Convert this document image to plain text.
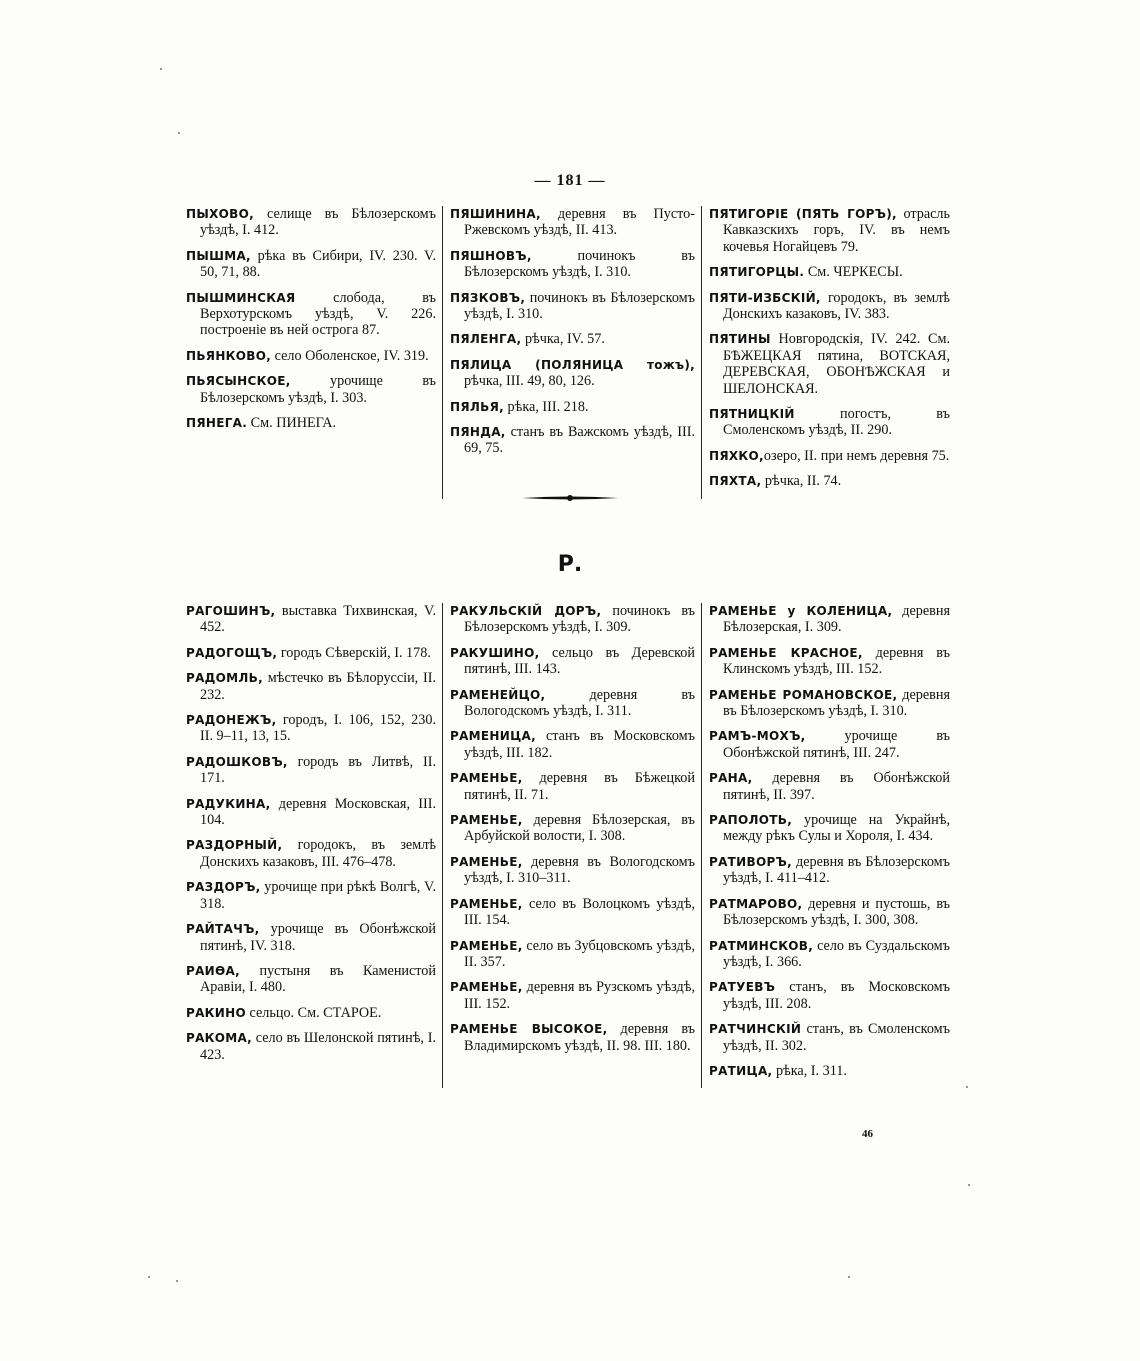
— 181 —
ПЫХОВО, селище въ Бѣлозерскомъ уѣздѣ, I. 412.
ПЫШМА, рѣка въ Сибири, IV. 230. V. 50, 71, 88.
ПЫШМИНСКАЯ слобода, въ Верхотурскомъ уѣздѣ, V. 226. построеніе въ ней острога 87.
ПЬЯНКОВО, село Оболенское, IV. 319.
ПЬЯСЫНСКОЕ, урочище въ Бѣлозерскомъ уѣздѣ, I. 303.
ПЯНЕГА. См. ПИНЕГА.
ПЯШИНИНА, деревня въ Пусто-Ржевскомъ уѣздѣ, II. 413.
ПЯШНОВЪ, починокъ въ Бѣлозерскомъ уѣздѣ, I. 310.
ПЯЗКОВЪ, починокъ въ Бѣлозерскомъ уѣздѣ, I. 310.
ПЯЛЕНГА, рѣчка, IV. 57.
ПЯЛИЦА (ПОЛЯНИЦА тожъ), рѣчка, III. 49, 80, 126.
ПЯЛЬЯ, рѣка, III. 218.
ПЯНДА, станъ въ Важскомъ уѣздѣ, III. 69, 75.
ПЯТИГОРІЕ (ПЯТЬ ГОРЪ), отрасль Кавказскихъ горъ, IV. въ немъ кочевья Ногайцевъ 79.
ПЯТИГОРЦЫ. См. ЧЕРКЕСЫ.
ПЯТИ-ИЗБСКІЙ, городокъ, въ землѣ Донскихъ казаковъ, IV. 383.
ПЯТИНЫ Новгородскія, IV. 242. См. БѢЖЕЦКАЯ пятина, ВОТСКАЯ, ДЕРЕВСКАЯ, ОБОНѢЖСКАЯ и ШЕЛОНСКАЯ.
ПЯТНИЦКІЙ погостъ, въ Смоленскомъ уѣздѣ, II. 290.
ПЯХКО,озеро, II. при немъ деревня 75.
ПЯХТА, рѣчка, II. 74.
Р.
РАГОШИНЪ, выставка Тихвинская, V. 452.
РАДОГОЩЪ, городъ Сѣверскій, I. 178.
РАДОМЛЬ, мѣстечко въ Бѣлоруссіи, II. 232.
РАДОНЕЖЪ, городъ, I. 106, 152, 230. II. 9–11, 13, 15.
РАДОШКОВЪ, городъ въ Литвѣ, II. 171.
РАДУКИНА, деревня Московская, III. 104.
РАЗДОРНЫЙ, городокъ, въ землѣ Донскихъ казаковъ, III. 476–478.
РАЗДОРЪ, урочище при рѣкѣ Волгѣ, V. 318.
РАЙТАЧЪ, урочище въ Обонѣжской пятинѣ, IV. 318.
РАИѲА, пустыня въ Каменистой Аравіи, I. 480.
РАКИНО сельцо. См. СТАРОЕ.
РАКОМА, село въ Шелонской пятинѣ, I. 423.
РАКУЛЬСКІЙ ДОРЪ, починокъ въ Бѣлозерскомъ уѣздѣ, I. 309.
РАКУШИНО, сельцо въ Деревской пятинѣ, III. 143.
РАМЕНЕЙЦО, деревня въ Вологодскомъ уѣздѣ, I. 311.
РАМЕНИЦА, станъ въ Московскомъ уѣздѣ, III. 182.
РАМЕНЬЕ, деревня въ Бѣжецкой пятинѣ, II. 71.
РАМЕНЬЕ, деревня Бѣлозерская, въ Арбуйской волости, I. 308.
РАМЕНЬЕ, деревня въ Вологодскомъ уѣздѣ, I. 310–311.
РАМЕНЬЕ, село въ Волоцкомъ уѣздѣ, III. 154.
РАМЕНЬЕ, село въ Зубцовскомъ уѣздѣ, II. 357.
РАМЕНЬЕ, деревня въ Рузскомъ уѣздѣ, III. 152.
РАМЕНЬЕ ВЫСОКОЕ, деревня въ Владимирскомъ уѣздѣ, II. 98. III. 180.
РАМЕНЬЕ у КОЛЕНИЦА, деревня Бѣлозерская, I. 309.
РАМЕНЬЕ КРАСНОЕ, деревня въ Клинскомъ уѣздѣ, III. 152.
РАМЕНЬЕ РОМАНОВСКОЕ, деревня въ Бѣлозерскомъ уѣздѣ, I. 310.
РАМЪ-МОХЪ, урочище въ Обонѣжской пятинѣ, III. 247.
РАНА, деревня въ Обонѣжской пятинѣ, II. 397.
РАПОЛОТЬ, урочище на Украйнѣ, между рѣкъ Сулы и Хороля, I. 434.
РАТИВОРЪ, деревня въ Бѣлозерскомъ уѣздѣ, I. 411–412.
РАТМАРОВО, деревня и пустошь, въ Бѣлозерскомъ уѣздѣ, I. 300, 308.
РАТМИНСКОВ, село въ Суздальскомъ уѣздѣ, I. 366.
РАТУЕВЪ станъ, въ Московскомъ уѣздѣ, III. 208.
РАТЧИНСКІЙ станъ, въ Смоленскомъ уѣздѣ, II. 302.
РАТИЦА, рѣка, I. 311.
46
